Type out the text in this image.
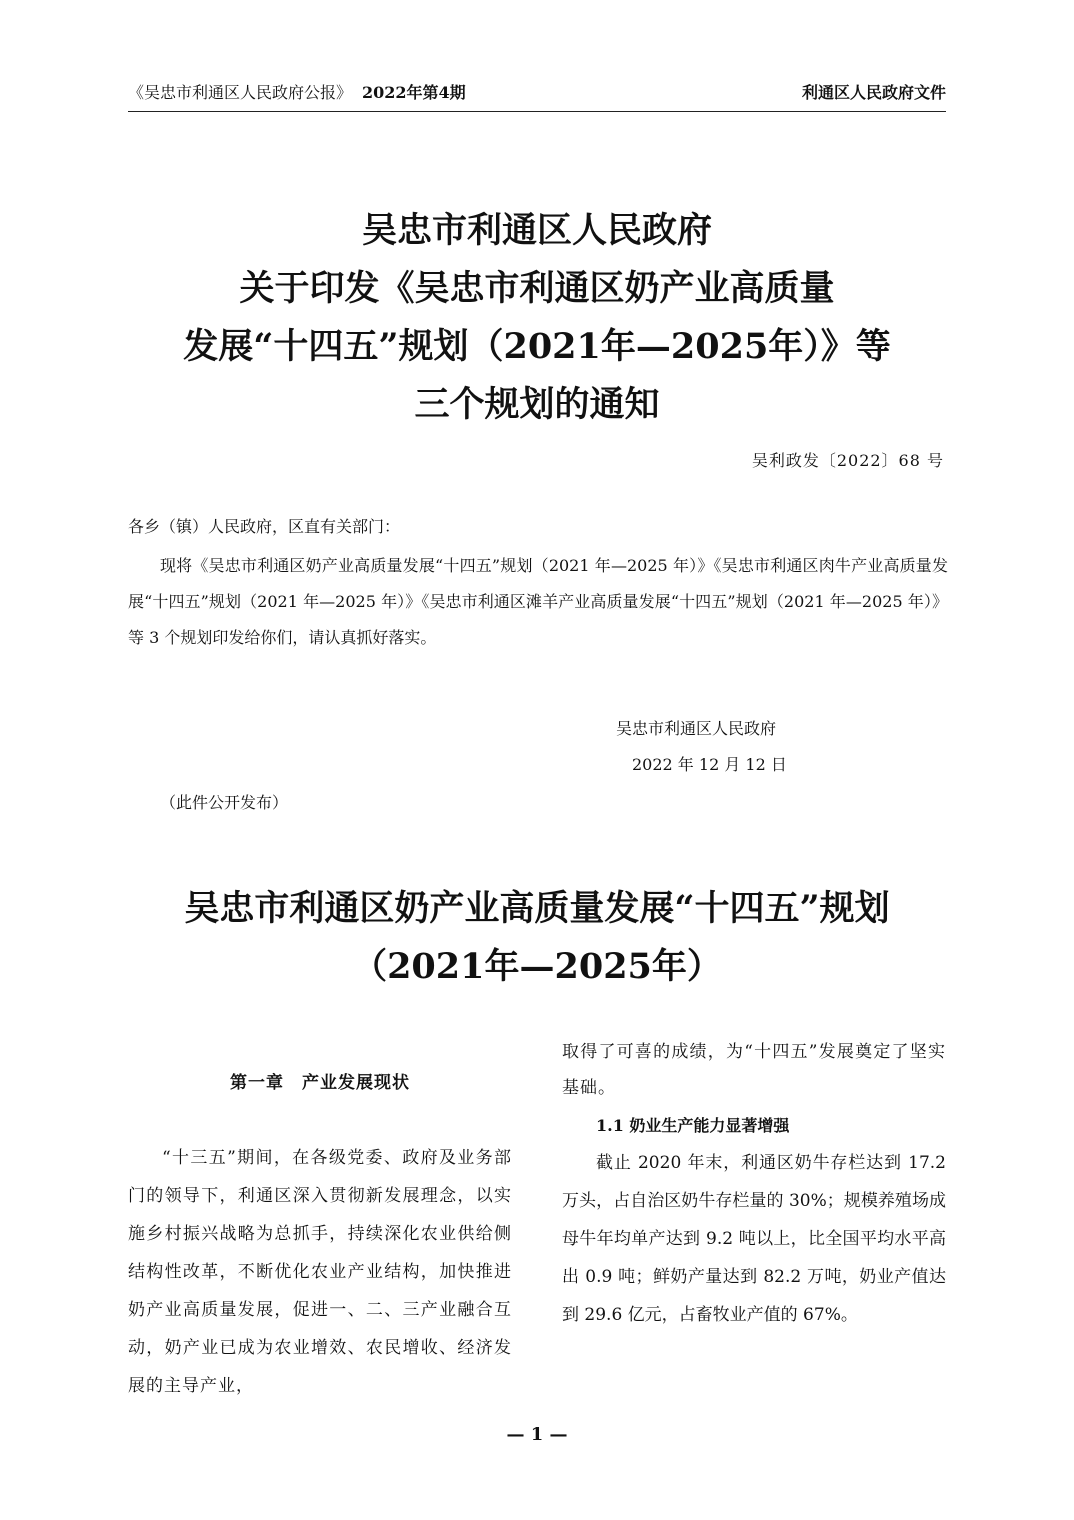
《吴忠市利通区人民政府公报》 2022年第4期	利通区人民政府文件
吴忠市利通区人民政府
关于印发《吴忠市利通区奶产业高质量
发展“十四五”规划（2021年—2025年）》等
三个规划的通知
吴利政发〔2022〕68 号
各乡（镇）人民政府，区直有关部门：
现将《吴忠市利通区奶产业高质量发展“十四五”规划（2021 年—2025 年）》《吴忠市利通区肉牛产业高质量发展“十四五”规划（2021 年—2025 年）》《吴忠市利通区滩羊产业高质量发展“十四五”规划（2021 年—2025 年）》等 3 个规划印发给你们，请认真抓好落实。
吴忠市利通区人民政府
2022 年 12 月 12 日
（此件公开发布）
吴忠市利通区奶产业高质量发展“十四五”规划
（2021年—2025年）
第一章　产业发展现状
“十三五”期间，在各级党委、政府及业务部门的领导下，利通区深入贯彻新发展理念，以实施乡村振兴战略为总抓手，持续深化农业供给侧结构性改革，不断优化农业产业结构，加快推进奶产业高质量发展，促进一、二、三产业融合互动，奶产业已成为农业增效、农民增收、经济发展的主导产业，
取得了可喜的成绩，为“十四五”发展奠定了坚实基础。
1.1 奶业生产能力显著增强
截止 2020 年末，利通区奶牛存栏达到 17.2 万头，占自治区奶牛存栏量的 30%；规模养殖场成母牛年均单产达到 9.2 吨以上，比全国平均水平高出 0.9 吨；鲜奶产量达到 82.2 万吨，奶业产值达到 29.6 亿元，占畜牧业产值的 67%。
— 1 —
